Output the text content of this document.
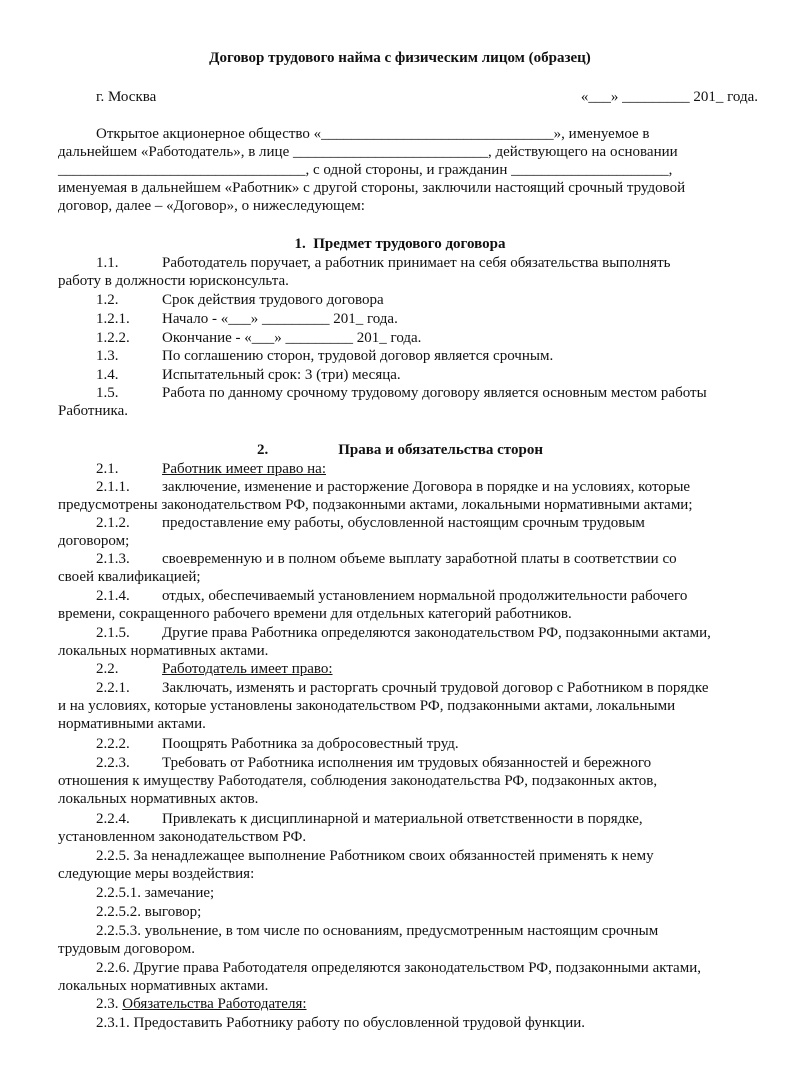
Договор трудового найма с физическим лицом (образец)
г. Москва	«___» _________ 201_ года.
Открытое акционерное общество «_______________________________», именуемое в
дальнейшем «Работодатель», в лице __________________________, действующего на основании
_________________________________, с одной стороны, и гражданин _____________________,
именуемая в дальнейшем «Работник» с другой стороны, заключили настоящий срочный трудовой
договор, далее – «Договор», о нижеследующем:
1. Предмет трудового договора
1.1.	Работодатель поручает, а работник принимает на себя обязательства выполнять
работу в должности юрисконсульта.
1.2.	Срок действия трудового договора
1.2.1. Начало - «___» _________ 201_ года.
1.2.2. Окончание - «___» _________ 201_ года.
1.3.	По соглашению сторон, трудовой договор является срочным.
1.4.	Испытательный срок: 3 (три) месяца.
1.5.	Работа по данному срочному трудовому договору является основным местом работы
Работника.
2.	Права и обязательства сторон
2.1.	Работник имеет право на:
2.1.1. заключение, изменение и расторжение Договора в порядке и на условиях, которые
предусмотрены законодательством РФ, подзаконными актами, локальными нормативными актами;
2.1.2. предоставление ему работы, обусловленной настоящим срочным трудовым
договором;
2.1.3. своевременную и в полном объеме выплату заработной платы в соответствии со
своей квалификацией;
2.1.4. отдых, обеспечиваемый установлением нормальной продолжительности рабочего
времени, сокращенного рабочего времени для отдельных категорий работников.
2.1.5. Другие права Работника определяются законодательством РФ, подзаконными актами,
локальных нормативных актами.
2.2.	Работодатель имеет право:
2.2.1. Заключать, изменять и расторгать срочный трудовой договор с Работником в порядке
и на условиях, которые установлены законодательством РФ, подзаконными актами, локальными
нормативными актами.
2.2.2. Поощрять Работника за добросовестный труд.
2.2.3. Требовать от Работника исполнения им трудовых обязанностей и бережного
отношения к имуществу Работодателя, соблюдения законодательства РФ, подзаконных актов,
локальных нормативных актов.
2.2.4. Привлекать к дисциплинарной и материальной ответственности в порядке,
установленном законодательством РФ.
2.2.5. За ненадлежащее выполнение Работником своих обязанностей применять к нему
следующие меры воздействия:
2.2.5.1. замечание;
2.2.5.2. выговор;
2.2.5.3. увольнение, в том числе по основаниям, предусмотренным настоящим срочным
трудовым договором.
2.2.6. Другие права Работодателя определяются законодательством РФ, подзаконными актами,
локальных нормативных актами.
2.3. Обязательства Работодателя:
2.3.1. Предоставить Работнику работу по обусловленной трудовой функции.
